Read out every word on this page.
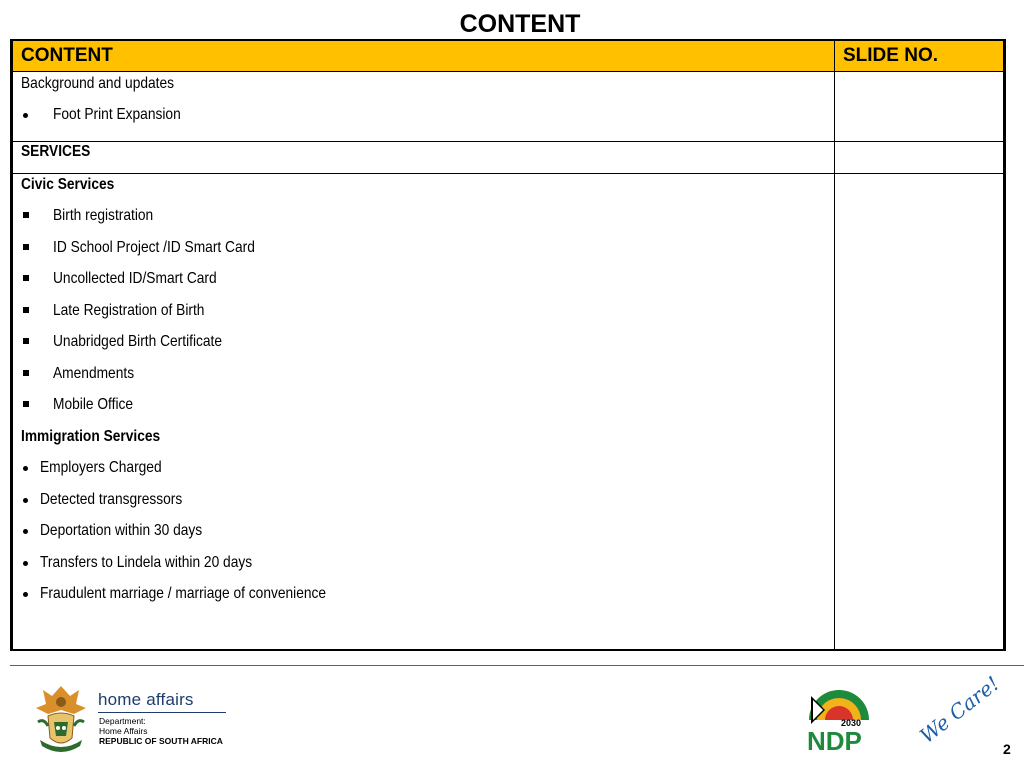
CONTENT
CONTENT	SLIDE NO.
Background and updates
Foot Print Expansion
SERVICES
Civic Services
Birth registration
ID School Project /ID Smart Card
Uncollected ID/Smart Card
Late Registration of Birth
Unabridged Birth Certificate
Amendments
Mobile Office
Immigration Services
Employers Charged
Detected transgressors
Deportation within 30 days
Transfers to Lindela within 20 days
Fraudulent marriage / marriage of convenience
home affairs
Department:
Home Affairs
REPUBLIC OF SOUTH AFRICA
2030
NDP	We Care!
2
